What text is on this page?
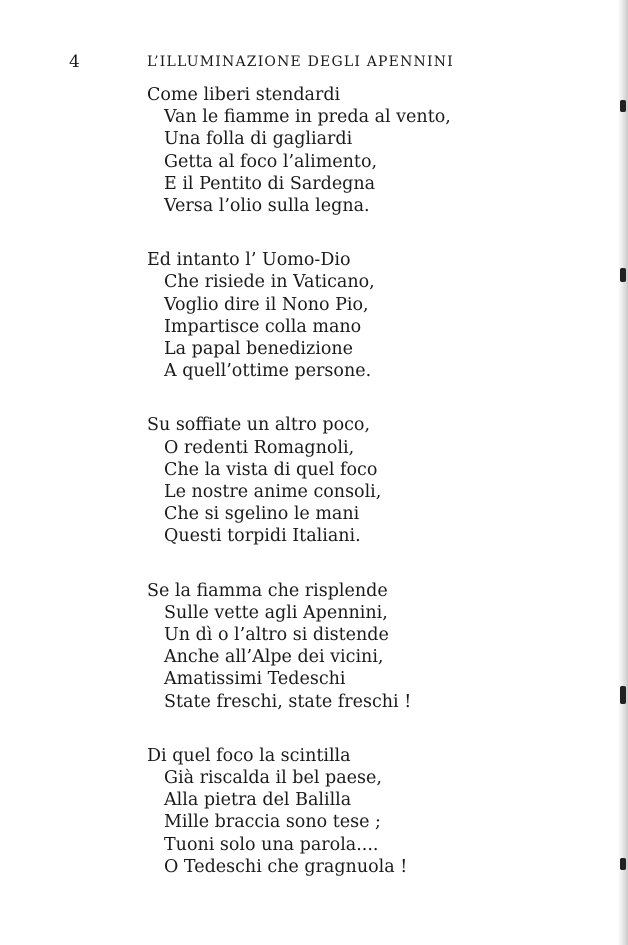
4	L’ILLUMINAZIONE DEGLI APENNINI
Come liberi stendardi
Van le fiamme in preda al vento,
Una folla di gagliardi
Getta al foco l’alimento,
E il Pentito di Sardegna
Versa l’olio sulla legna.
Ed intanto l’ Uomo-Dio
Che risiede in Vaticano,
Voglio dire il Nono Pio,
Impartisce colla mano
La papal benedizione
A quell’ottime persone.
Su soffiate un altro poco,
O redenti Romagnoli,
Che la vista di quel foco
Le nostre anime consoli,
Che si sgelino le mani
Questi torpidi Italiani.
Se la fiamma che risplende
Sulle vette agli Apennini,
Un dì o l’altro si distende
Anche all’Alpe dei vicini,
Amatissimi Tedeschi
State freschi, state freschi !
Di quel foco la scintilla
Già riscalda il bel paese,
Alla pietra del Balilla
Mille braccia sono tese ;
Tuoni solo una parola....
O Tedeschi che gragnuola !
